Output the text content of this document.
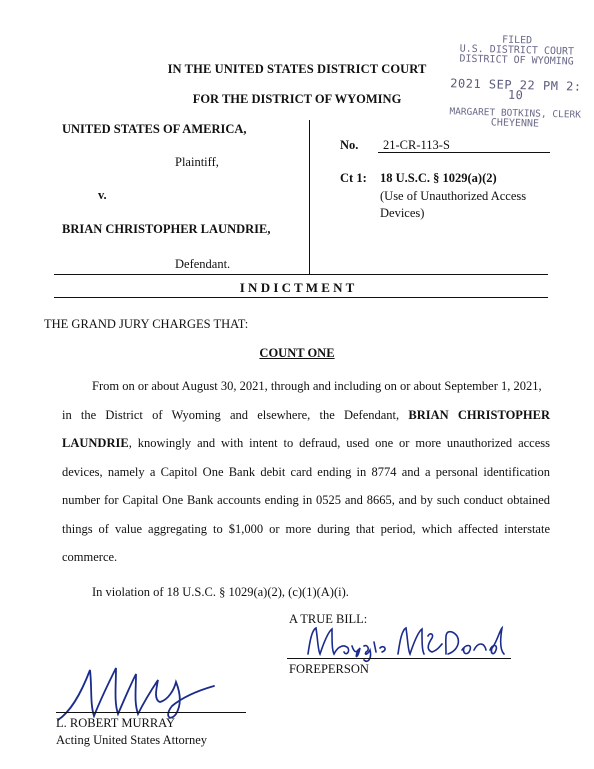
IN THE UNITED STATES DISTRICT COURT
FOR THE DISTRICT OF WYOMING
FILED
U.S. DISTRICT COURT
DISTRICT OF WYOMING
2021 SEP 22 PM 2: 10
MARGARET BOTKINS, CLERK
CHEYENNE
UNITED STATES OF AMERICA,
Plaintiff,
v.
BRIAN CHRISTOPHER LAUNDRIE,
Defendant.
No. 21-CR-113-S
Ct 1: 18 U.S.C. § 1029(a)(2)
(Use of Unauthorized Access
Devices)
I N D I C T M E N T
THE GRAND JURY CHARGES THAT:
COUNT ONE
From on or about August 30, 2021, through and including on or about September 1, 2021,
in the District of Wyoming and elsewhere, the Defendant, BRIAN CHRISTOPHER
LAUNDRIE, knowingly and with intent to defraud, used one or more unauthorized access
devices, namely a Capitol One Bank debit card ending in 8774 and a personal identification
number for Capital One Bank accounts ending in 0525 and 8665, and by such conduct obtained
things of value aggregating to $1,000 or more during that period, which affected interstate
commerce.
In violation of 18 U.S.C. § 1029(a)(2), (c)(1)(A)(i).
A TRUE BILL:
FOREPERSON
L. ROBERT MURRAY
Acting United States Attorney
